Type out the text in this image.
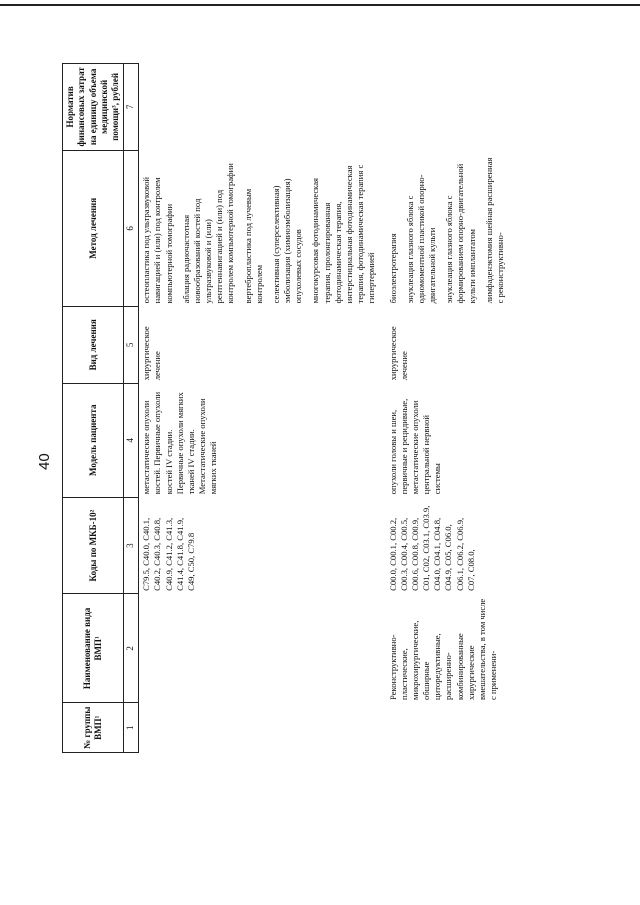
40
№ группы ВМП¹	Наименование вида ВМП¹	Коды по МКБ-10²	Модель пациента	Вид лечения	Метод лечения	Норматив финансовых затрат на единицу объема медицинской помощи³, рублей
1	2	3	4	5	6	7
		C79.5, C40.0, C40.1, C40.2, C40.3, C40.8, C40.9, C41.2, C41.3, C41.4, C41.8, C41.9, C49, C50, C79.8	метастатические опухоли костей. Первичные опухоли костей IV стадии. Первичные опухоли мягких тканей IV стадии. Метастатические опухоли мягких тканей	хирургическое лечение	остеопластика под ультразвуковой навигацией и (или) под контролем компьютерной томографии аблация радиочастотная новообразований костей под ультразвуковой и (или) рентгеннавигацией и (или) под контролем компьютерной томографии вертебропластика под лучевым контролем селективная (суперселективная) эмболизация (химиоэмболизация) опухолевых сосудов многокурсовая фотодинамическая терапия, пролонгированная фотодинамическая терапия, интерстициальная фотодинамическая терапия, фотодинамическая терапия с гипертермией	

	Реконструктивно-пластические, микрохирургические, обширные циторедуктивные, расширенно-комбинированные хирургические вмешательства, в том числе с применени-	C00.0, C00.1, C00.2, C00.3, C00.4, C00.5, C00.6, C00.8, C00.9, C01, C02, C03.1, C03.9, C04.0, C04.1, C04.8, C04.9, C05, C06.0, C06.1, C06.2, C06.9, C07, C08.0,	опухоли головы и шеи, первичные и рецидивные, метастатические опухоли центральной нервной системы	хирургическое лечение	биоэлектротерапия энуклеация глазного яблока с одномоментной пластикой опорно-двигательной культи энуклеация глазного яблока с формированием опорно-двигательной культи имплантатом лимфаденэктомия шейная расширенная с реконструктивно-	
